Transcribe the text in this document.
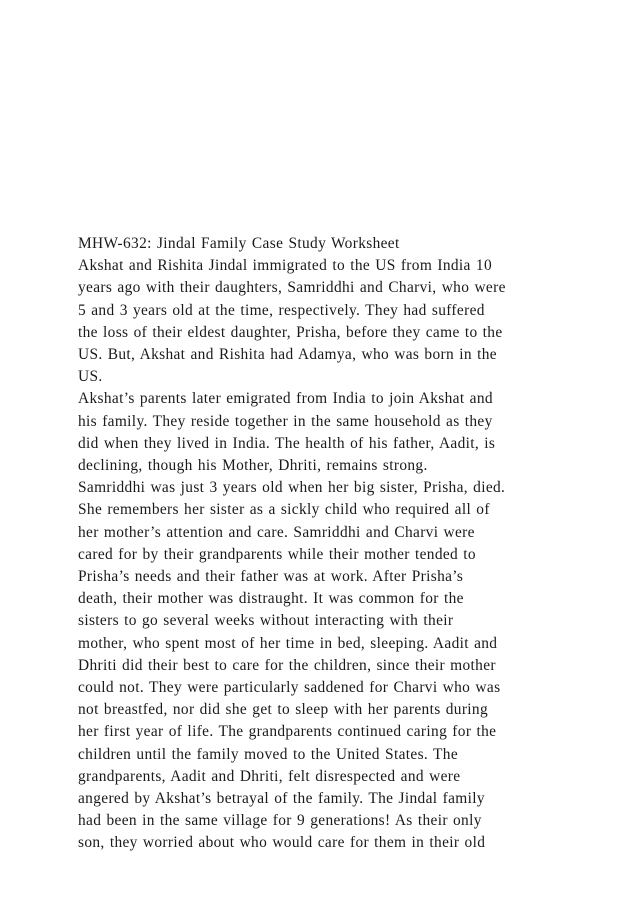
MHW-632: Jindal Family Case Study Worksheet
Akshat and Rishita Jindal immigrated to the US from India 10
years ago with their daughters, Samriddhi and Charvi, who were
5 and 3 years old at the time, respectively. They had suffered
the loss of their eldest daughter, Prisha, before they came to the
US. But, Akshat and Rishita had Adamya, who was born in the
US.
Akshat’s parents later emigrated from India to join Akshat and
his family. They reside together in the same household as they
did when they lived in India. The health of his father, Aadit, is
declining, though his Mother, Dhriti, remains strong.
Samriddhi was just 3 years old when her big sister, Prisha, died.
She remembers her sister as a sickly child who required all of
her mother’s attention and care. Samriddhi and Charvi were
cared for by their grandparents while their mother tended to
Prisha’s needs and their father was at work. After Prisha’s
death, their mother was distraught. It was common for the
sisters to go several weeks without interacting with their
mother, who spent most of her time in bed, sleeping. Aadit and
Dhriti did their best to care for the children, since their mother
could not. They were particularly saddened for Charvi who was
not breastfed, nor did she get to sleep with her parents during
her first year of life. The grandparents continued caring for the
children until the family moved to the United States. The
grandparents, Aadit and Dhriti, felt disrespected and were
angered by Akshat’s betrayal of the family. The Jindal family
had been in the same village for 9 generations! As their only
son, they worried about who would care for them in their old
